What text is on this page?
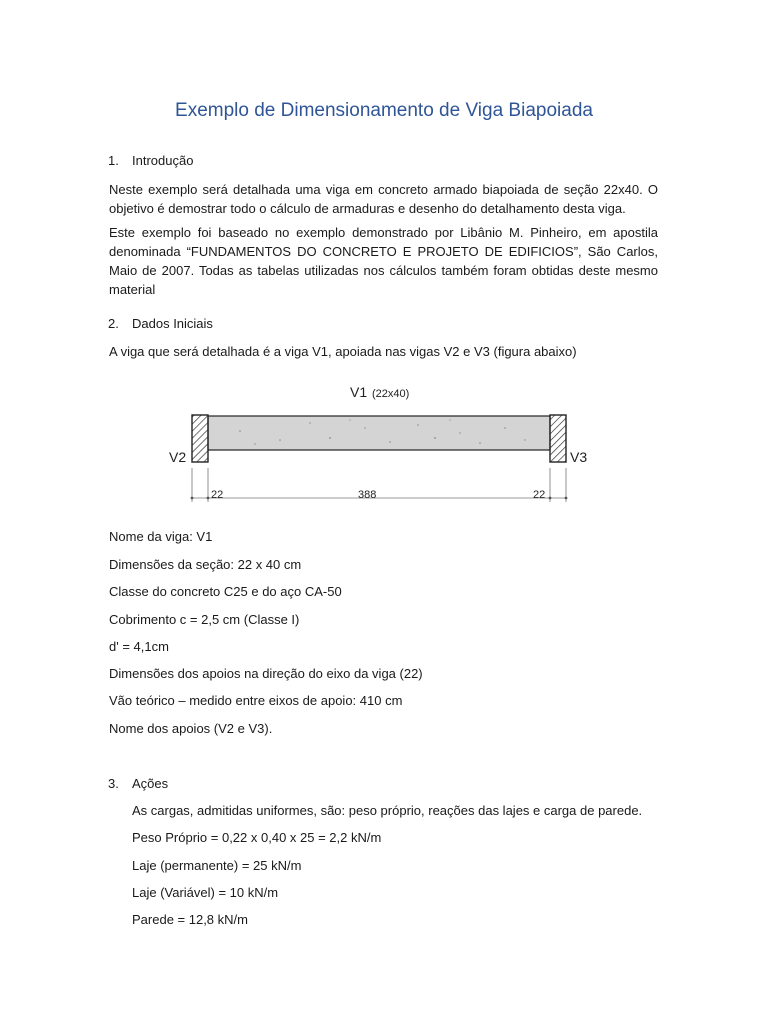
Exemplo de Dimensionamento de Viga Biapoiada
1. Introdução
Neste exemplo será detalhada uma viga em concreto armado biapoiada de seção 22x40. O objetivo é demostrar todo o cálculo de armaduras e desenho do detalhamento desta viga.
Este exemplo foi baseado no exemplo demonstrado por Libânio M. Pinheiro, em apostila denominada “FUNDAMENTOS DO CONCRETO E PROJETO DE EDIFICIOS”, São Carlos, Maio de 2007. Todas as tabelas utilizadas nos cálculos também foram obtidas deste mesmo material
2. Dados Iniciais
A viga que será detalhada é a viga V1, apoiada nas vigas V2 e V3 (figura abaixo)
V1 (22x40)
V2	V3
22	388	22
Nome da viga: V1
Dimensões da seção: 22 x 40 cm
Classe do concreto C25 e do aço CA-50
Cobrimento c = 2,5 cm (Classe I)
d' = 4,1cm
Dimensões dos apoios na direção do eixo da viga (22)
Vão teórico – medido entre eixos de apoio: 410 cm
Nome dos apoios (V2 e V3).
3. Ações
As cargas, admitidas uniformes, são: peso próprio, reações das lajes e carga de parede.
Peso Próprio = 0,22 x 0,40 x 25 = 2,2 kN/m
Laje (permanente) = 25 kN/m
Laje (Variável) = 10 kN/m
Parede = 12,8 kN/m
